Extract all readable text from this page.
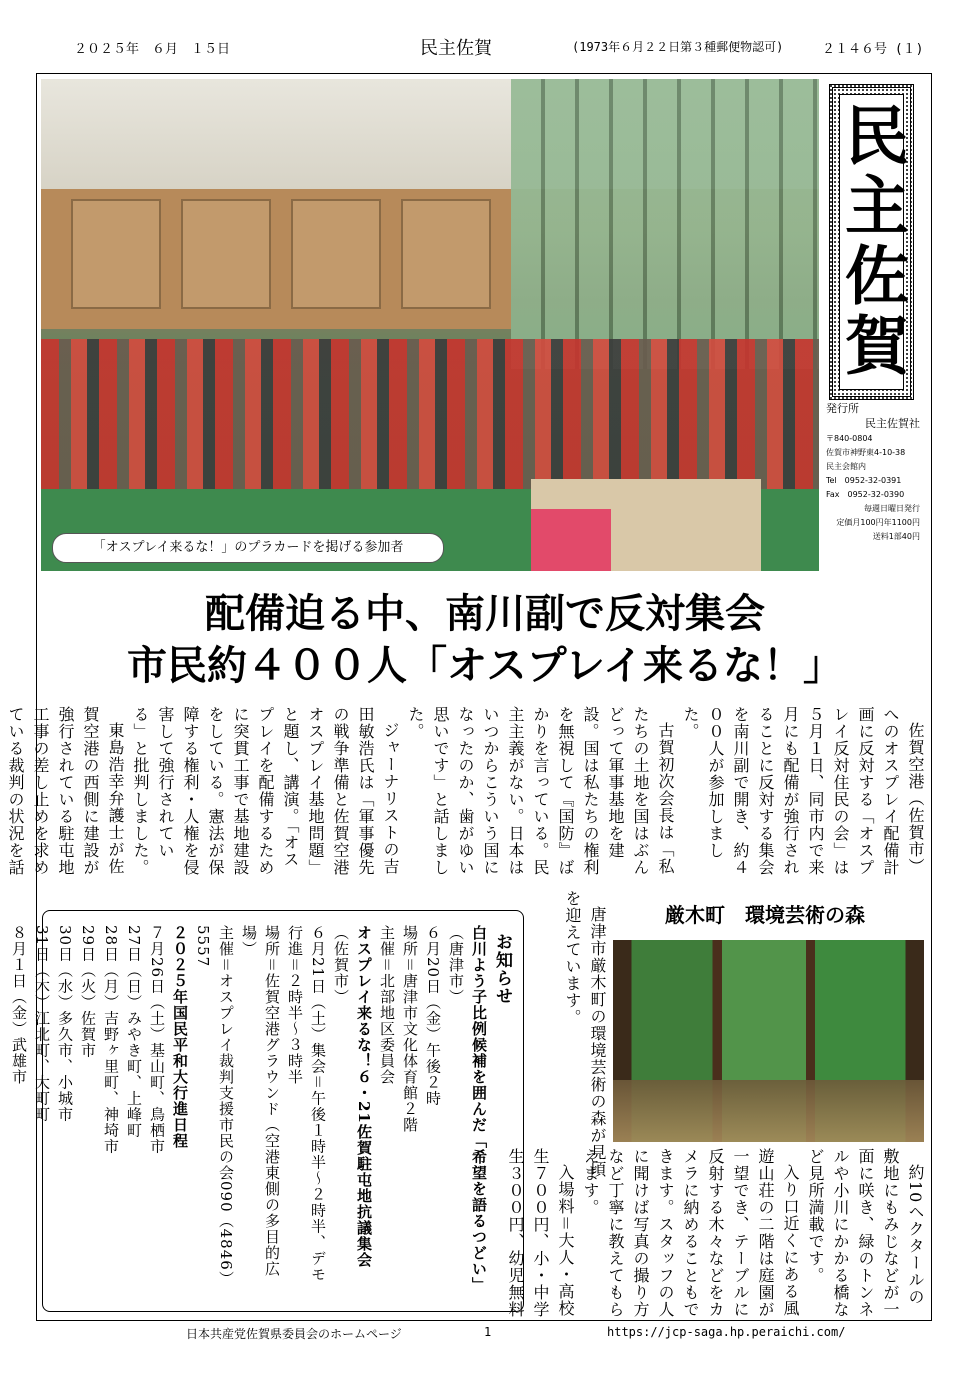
２０２５年　６月　１５日	民主佐賀	(1973年６月２２日第３種郵便物認可)	２１４６号 (１)
「オスプレイ来るな！」のプラカードを掲げる参加者
民主佐賀
発行所
民主佐賀社
〒840-0804
佐賀市神野東4-10-38
民主会館内
Tel　0952-32-0391
Fax　0952-32-0390
毎週日曜日発行
定価月100円年1100円
送料1部40円
配備迫る中、南川副で反対集会
市民約４００人「オスプレイ来るな！」

佐賀空港（佐賀市）へのオスプレイ配備計画に反対する「オスプレイ反対住民の会」は５月１日、同市内で来月にも配備が強行されることに反対する集会を南川副で開き、約４００人が参加しました。

古賀初次会長は「私たちの土地を国はぶんどって軍事基地を建設。国は私たちの権利を無視して『国防』ばかりを言っている。民主主義がない。日本はいつからこういう国になったのか、歯がゆい思いです」と話しました。

ジャーナリストの吉田敏浩氏は「軍事優先の戦争準備と佐賀空港オスプレイ基地問題」と題し、講演。「オスプレイを配備するために突貫工事で基地建設をしている。憲法が保障する権利・人権を侵害して強行されている」と批判しました。

東島浩幸弁護士が佐賀空港の西側に建設が強行されている駐屯地工事の差し止めを求めている裁判の状況を話

厳木町　環境芸術の森

唐津市厳木町の環境芸術の森が見頃を迎えています。

約10ヘクタールの敷地にもみじなどが一面に咲き、緑のトンネルや小川にかかる橋など見所満載です。

入り口近くにある風遊山荘の二階は庭園が一望でき、テーブルに反射する木々などをカメラに納めることもできます。スタッフの人に聞けば写真の撮り方など丁寧に教えてもらえます。

入場料＝大人・高校生７００円、小・中学生３００円、幼児無料

お知らせ
白川よう子比例候補を囲んだ「希望を語るつどい」
（唐津市）
６月20日（金）午後２時
場所＝唐津市文化体育館２階
主催＝北部地区委員会
オスプレイ来るな！６・21佐賀駐屯地抗議集会
（佐賀市）
６月21日（土）集会＝午後１時半〜２時半、デモ行進＝２時半〜３時半
場所＝佐賀空港グラウンド（空港東側の多目的広場）
主催＝オスプレイ裁判支援市民の会090（4846）5557
２０２５年国民平和大行進日程
７月26日（土）基山町、鳥栖市
27日（日）みやき町、上峰町
28日（月）吉野ヶ里町、神埼市
29日（火）佐賀市
30日（水）多久市、小城市
31日（木）江北町、大町町
８月１日（金）武雄市
日本共産党佐賀県委員会のホームページ	1	https://jcp-saga.hp.peraichi.com/
